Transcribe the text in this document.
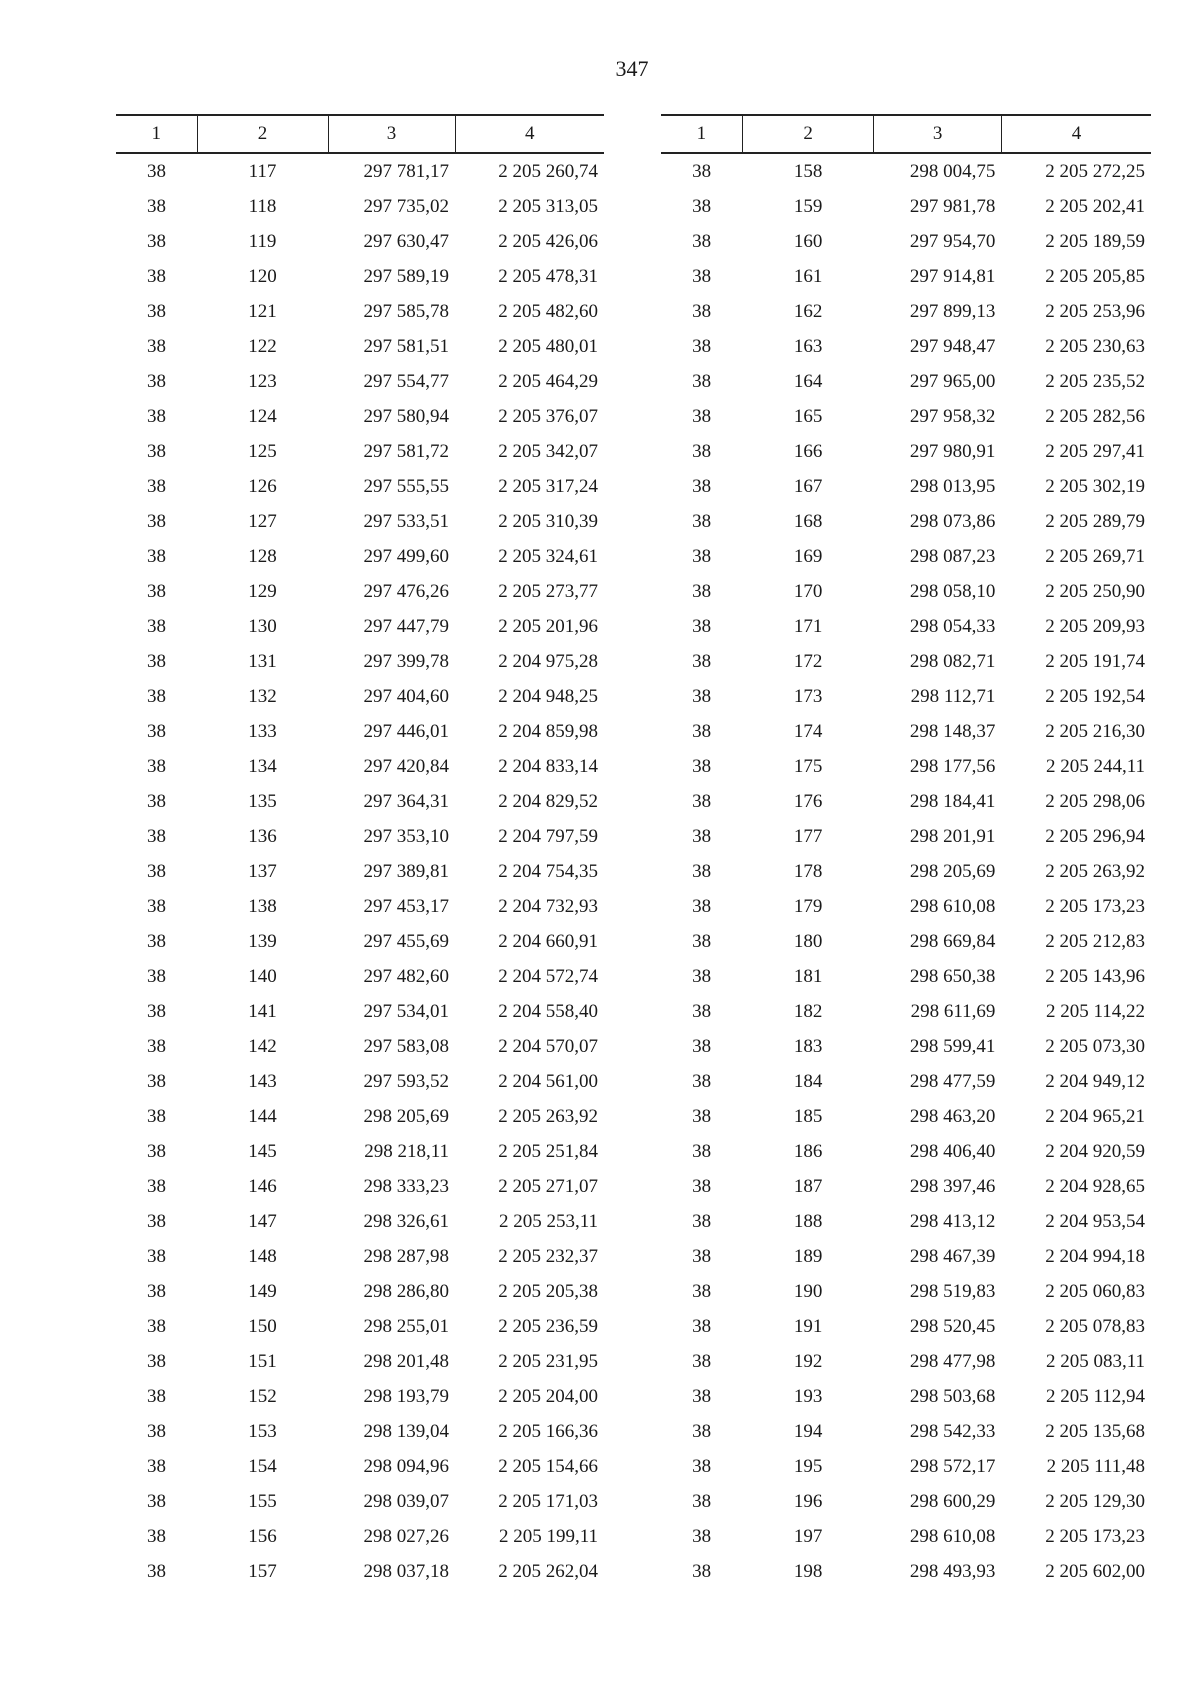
347
1	2	3	4
38	117	297 781,17	2 205 260,74
38	118	297 735,02	2 205 313,05
38	119	297 630,47	2 205 426,06
38	120	297 589,19	2 205 478,31
38	121	297 585,78	2 205 482,60
38	122	297 581,51	2 205 480,01
38	123	297 554,77	2 205 464,29
38	124	297 580,94	2 205 376,07
38	125	297 581,72	2 205 342,07
38	126	297 555,55	2 205 317,24
38	127	297 533,51	2 205 310,39
38	128	297 499,60	2 205 324,61
38	129	297 476,26	2 205 273,77
38	130	297 447,79	2 205 201,96
38	131	297 399,78	2 204 975,28
38	132	297 404,60	2 204 948,25
38	133	297 446,01	2 204 859,98
38	134	297 420,84	2 204 833,14
38	135	297 364,31	2 204 829,52
38	136	297 353,10	2 204 797,59
38	137	297 389,81	2 204 754,35
38	138	297 453,17	2 204 732,93
38	139	297 455,69	2 204 660,91
38	140	297 482,60	2 204 572,74
38	141	297 534,01	2 204 558,40
38	142	297 583,08	2 204 570,07
38	143	297 593,52	2 204 561,00
38	144	298 205,69	2 205 263,92
38	145	298 218,11	2 205 251,84
38	146	298 333,23	2 205 271,07
38	147	298 326,61	2 205 253,11
38	148	298 287,98	2 205 232,37
38	149	298 286,80	2 205 205,38
38	150	298 255,01	2 205 236,59
38	151	298 201,48	2 205 231,95
38	152	298 193,79	2 205 204,00
38	153	298 139,04	2 205 166,36
38	154	298 094,96	2 205 154,66
38	155	298 039,07	2 205 171,03
38	156	298 027,26	2 205 199,11
38	157	298 037,18	2 205 262,04
1	2	3	4
38	158	298 004,75	2 205 272,25
38	159	297 981,78	2 205 202,41
38	160	297 954,70	2 205 189,59
38	161	297 914,81	2 205 205,85
38	162	297 899,13	2 205 253,96
38	163	297 948,47	2 205 230,63
38	164	297 965,00	2 205 235,52
38	165	297 958,32	2 205 282,56
38	166	297 980,91	2 205 297,41
38	167	298 013,95	2 205 302,19
38	168	298 073,86	2 205 289,79
38	169	298 087,23	2 205 269,71
38	170	298 058,10	2 205 250,90
38	171	298 054,33	2 205 209,93
38	172	298 082,71	2 205 191,74
38	173	298 112,71	2 205 192,54
38	174	298 148,37	2 205 216,30
38	175	298 177,56	2 205 244,11
38	176	298 184,41	2 205 298,06
38	177	298 201,91	2 205 296,94
38	178	298 205,69	2 205 263,92
38	179	298 610,08	2 205 173,23
38	180	298 669,84	2 205 212,83
38	181	298 650,38	2 205 143,96
38	182	298 611,69	2 205 114,22
38	183	298 599,41	2 205 073,30
38	184	298 477,59	2 204 949,12
38	185	298 463,20	2 204 965,21
38	186	298 406,40	2 204 920,59
38	187	298 397,46	2 204 928,65
38	188	298 413,12	2 204 953,54
38	189	298 467,39	2 204 994,18
38	190	298 519,83	2 205 060,83
38	191	298 520,45	2 205 078,83
38	192	298 477,98	2 205 083,11
38	193	298 503,68	2 205 112,94
38	194	298 542,33	2 205 135,68
38	195	298 572,17	2 205 111,48
38	196	298 600,29	2 205 129,30
38	197	298 610,08	2 205 173,23
38	198	298 493,93	2 205 602,00
